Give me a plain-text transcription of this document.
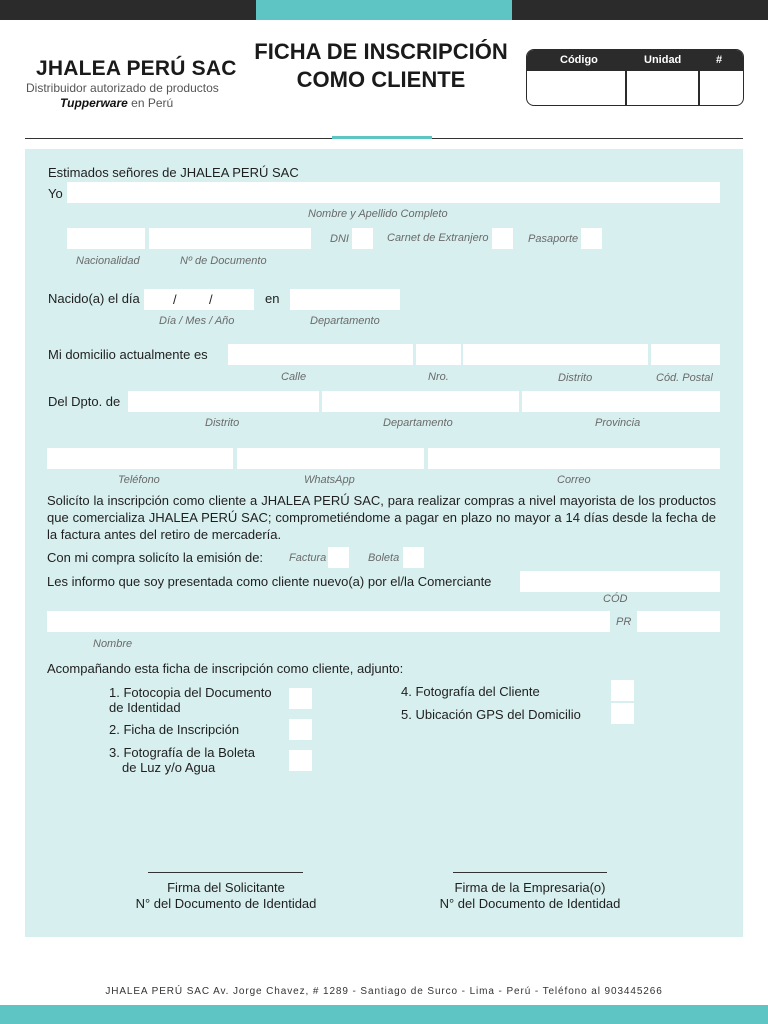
JHALEA PERÚ SAC
Distribuidor autorizado de productos
Tupperware en Perú
FICHA DE INSCRIPCIÓN
COMO CLIENTE
Código	Unidad	#
Estimados señores de JHALEA PERÚ SAC
Yo
Nombre y Apellido Completo
DNI	Carnet de Extranjero	Pasaporte
Nacionalidad	Nº de Documento
Nacido(a) el día	/ /	en
Día / Mes / Año	Departamento
Mi domicilio actualmente es
Calle	Nro.	Distrito	Cód. Postal
Del Dpto. de
Distrito	Departamento	Provincia
Teléfono	WhatsApp	Correo
Solicíto la inscripción como cliente a JHALEA PERÚ SAC, para realizar compras a nivel mayorista de los productos que comercializa JHALEA PERÚ SAC; comprometiéndome a pagar en plazo no mayor a 14 días desde la fecha de la factura antes del retiro de mercadería.
Con mi compra solicíto la emisión de: Factura	Boleta
Les informo que soy presentada como cliente nuevo(a) por el/la Comerciante
CÓD
PR
Nombre
Acompañando esta ficha de inscripción como cliente, adjunto:
1. Fotocopia del Documento
de Identidad
2. Ficha de Inscripción
3. Fotografía de la Boleta
de Luz y/o Agua
4. Fotografía del Cliente
5. Ubicación GPS del Domicilio
Firma del Solicitante
N° del Documento de Identidad
Firma de la Empresaria(o)
N° del Documento de Identidad
JHALEA PERÚ SAC Av. Jorge Chavez, # 1289 - Santiago de Surco - Lima - Perú - Teléfono al 903445266
